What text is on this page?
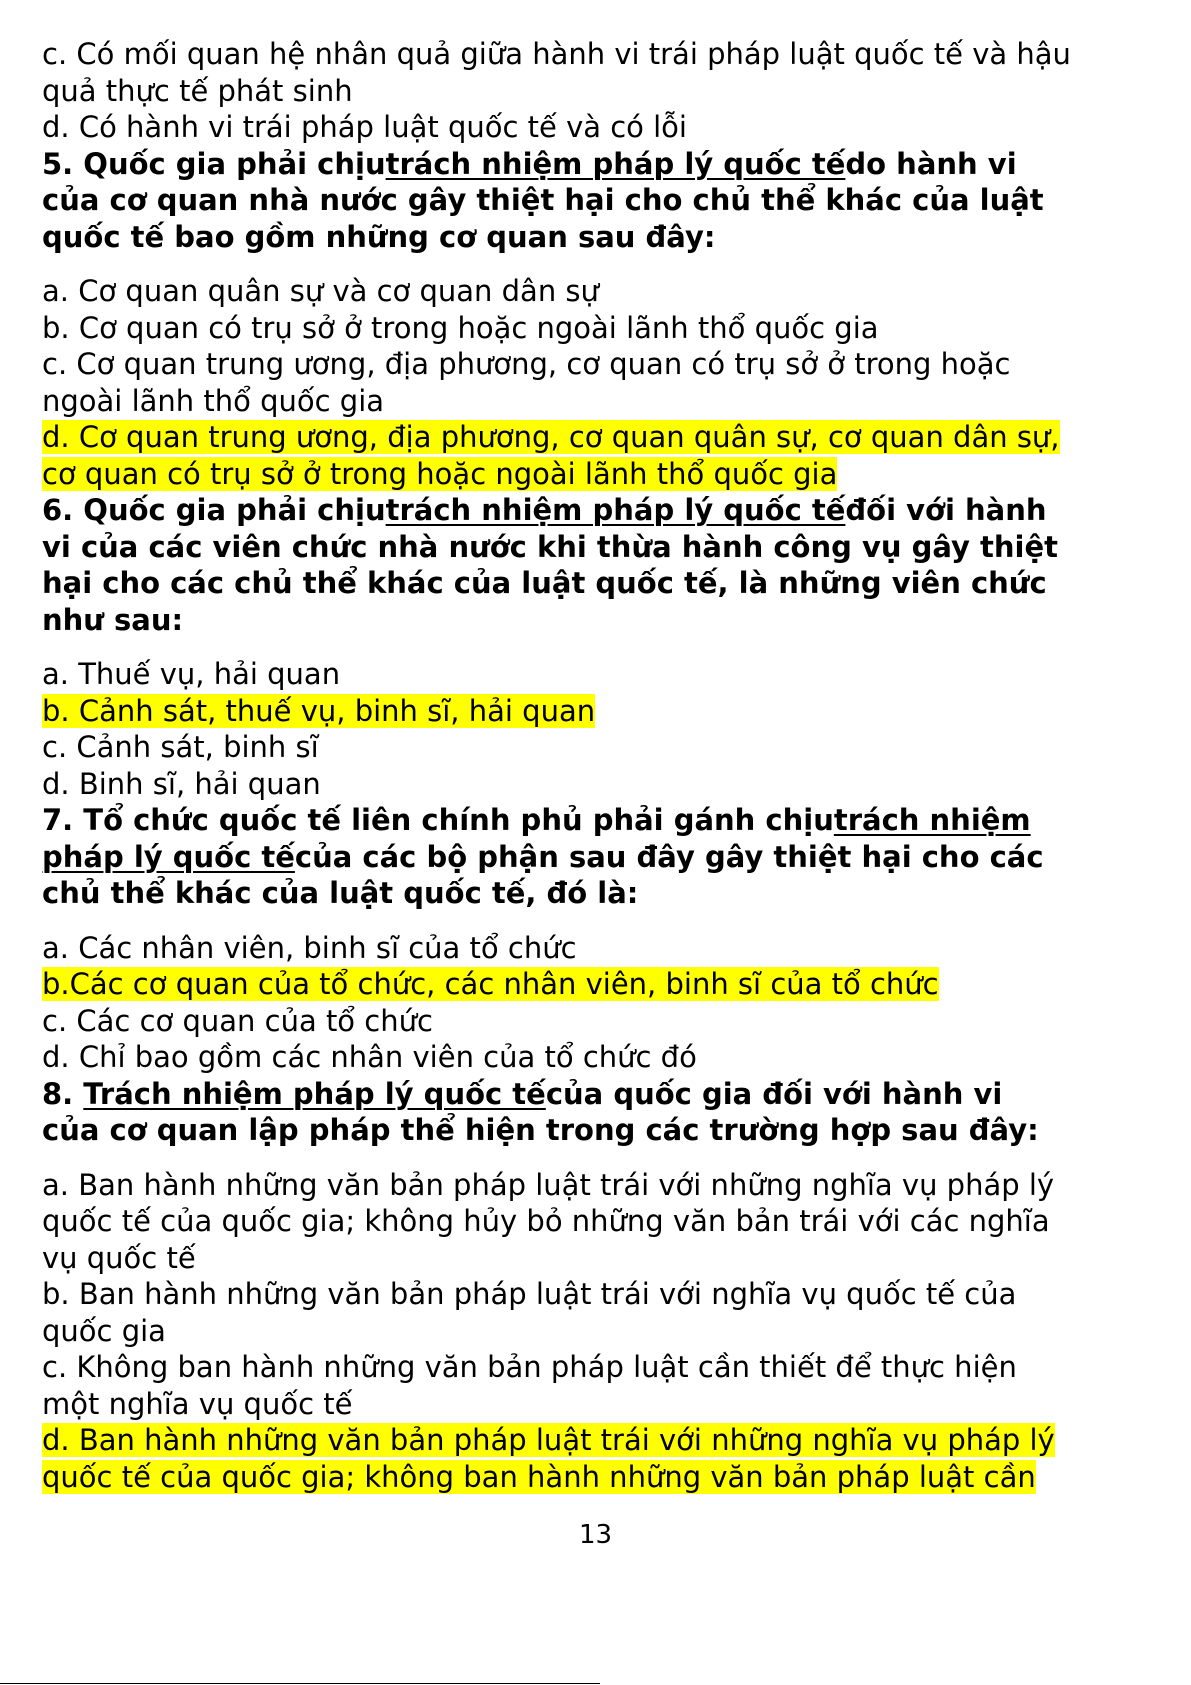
c. Có mối quan hệ nhân quả giữa hành vi trái pháp luật quốc tế và hậu
quả thực tế phát sinh
d. Có hành vi trái pháp luật quốc tế và có lỗi
5. Quốc gia phải chịutrách nhiệm pháp lý quốc tếdo hành vi
của cơ quan nhà nước gây thiệt hại cho chủ thể khác của luật
quốc tế bao gồm những cơ quan sau đây:
a. Cơ quan quân sự và cơ quan dân sự
b. Cơ quan có trụ sở ở trong hoặc ngoài lãnh thổ quốc gia
c. Cơ quan trung ương, địa phương, cơ quan có trụ sở ở trong hoặc
ngoài lãnh thổ quốc gia
d. Cơ quan trung ương, địa phương, cơ quan quân sự, cơ quan dân sự,
cơ quan có trụ sở ở trong hoặc ngoài lãnh thổ quốc gia
6. Quốc gia phải chịutrách nhiệm pháp lý quốc tếđối với hành
vi của các viên chức nhà nước khi thừa hành công vụ gây thiệt
hại cho các chủ thể khác của luật quốc tế, là những viên chức
như sau:
a. Thuế vụ, hải quan
b. Cảnh sát, thuế vụ, binh sĩ, hải quan
c. Cảnh sát, binh sĩ
d. Binh sĩ, hải quan
7. Tổ chức quốc tế liên chính phủ phải gánh chịutrách nhiệm
pháp lý quốc tếcủa các bộ phận sau đây gây thiệt hại cho các
chủ thể khác của luật quốc tế, đó là:
a. Các nhân viên, binh sĩ của tổ chức
b.Các cơ quan của tổ chức, các nhân viên, binh sĩ của tổ chức
c. Các cơ quan của tổ chức
d. Chỉ bao gồm các nhân viên của tổ chức đó
8. Trách nhiệm pháp lý quốc tếcủa quốc gia đối với hành vi
của cơ quan lập pháp thể hiện trong các trường hợp sau đây:
a. Ban hành những văn bản pháp luật trái với những nghĩa vụ pháp lý
quốc tế của quốc gia; không hủy bỏ những văn bản trái với các nghĩa
vụ quốc tế
b. Ban hành những văn bản pháp luật trái với nghĩa vụ quốc tế của
quốc gia
c. Không ban hành những văn bản pháp luật cần thiết để thực hiện
một nghĩa vụ quốc tế
d. Ban hành những văn bản pháp luật trái với những nghĩa vụ pháp lý
quốc tế của quốc gia; không ban hành những văn bản pháp luật cần
13
